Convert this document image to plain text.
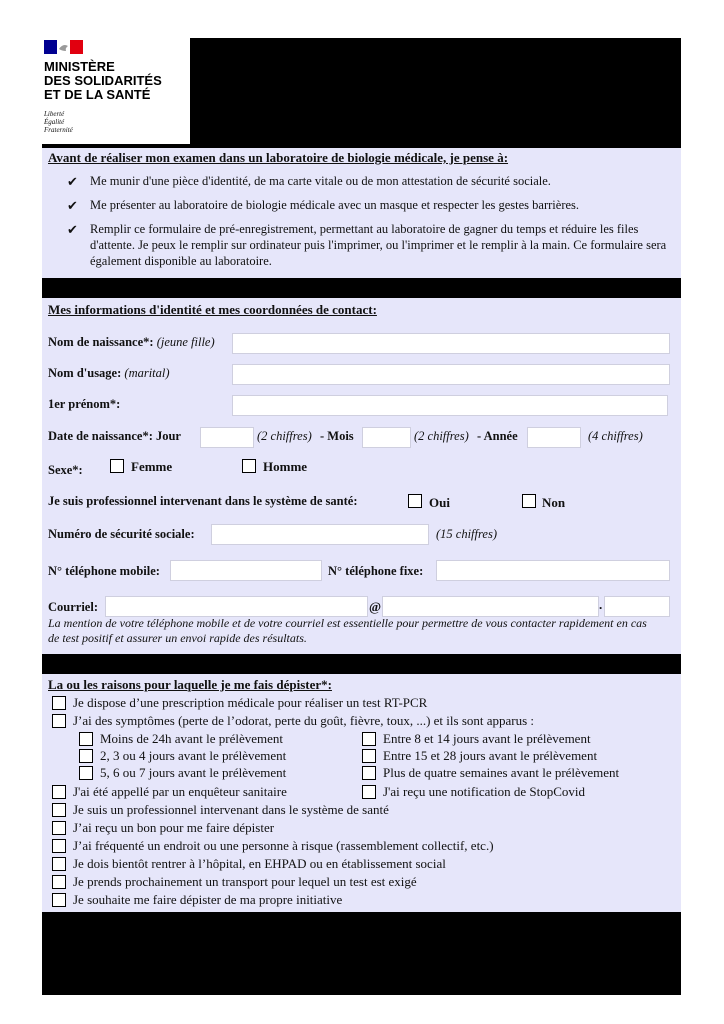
MINISTÈRE
DES SOLIDARITÉS
ET DE LA SANTÉ
Liberté
Égalité
Fraternité
Avant de réaliser mon examen dans un laboratoire de biologie médicale, je pense à:
✔ Me munir d'une pièce d'identité, de ma carte vitale ou de mon attestation de sécurité sociale.
✔ Me présenter au laboratoire de biologie médicale avec un masque et respecter les gestes barrières.
✔ Remplir ce formulaire de pré-enregistrement, permettant au laboratoire de gagner du temps et réduire les files d'attente. Je peux le remplir sur ordinateur puis l'imprimer, ou l'imprimer et le remplir à la main. Ce formulaire sera également disponible au laboratoire.
Mes informations d'identité et mes coordonnées de contact:
Nom de naissance*: (jeune fille)
Nom d'usage: (marital)
1er prénom*:
Date de naissance*: Jour	(2 chiffres) - Mois	(2 chiffres) - Année	(4 chiffres)
Sexe*:	Femme	Homme
Je suis professionnel intervenant dans le système de santé:	Oui	Non
Numéro de sécurité sociale:	(15 chiffres)
N° téléphone mobile:	N° téléphone fixe:
Courriel:	@	.
La mention de votre téléphone mobile et de votre courriel est essentielle pour permettre de vous contacter rapidement en cas de test positif et assurer un envoi rapide des résultats.
La ou les raisons pour laquelle je me fais dépister*:
Je dispose d’une prescription médicale pour réaliser un test RT-PCR
J’ai des symptômes (perte de l’odorat, perte du goût, fièvre, toux, ...) et ils sont apparus :
Moins de 24h avant le prélèvement	Entre 8 et 14 jours avant le prélèvement
2, 3 ou 4 jours avant le prélèvement	Entre 15 et 28 jours avant le prélèvement
5, 6 ou 7 jours avant le prélèvement	Plus de quatre semaines avant le prélèvement
J'ai été appellé par un enquêteur sanitaire	J'ai reçu une notification de StopCovid
Je suis un professionnel intervenant dans le système de santé
J’ai reçu un bon pour me faire dépister
J’ai fréquenté un endroit ou une personne à risque (rassemblement collectif, etc.)
Je dois bientôt rentrer à l’hôpital, en EHPAD ou en établissement social
Je prends prochainement un transport pour lequel un test est exigé
Je souhaite me faire dépister de ma propre initiative
